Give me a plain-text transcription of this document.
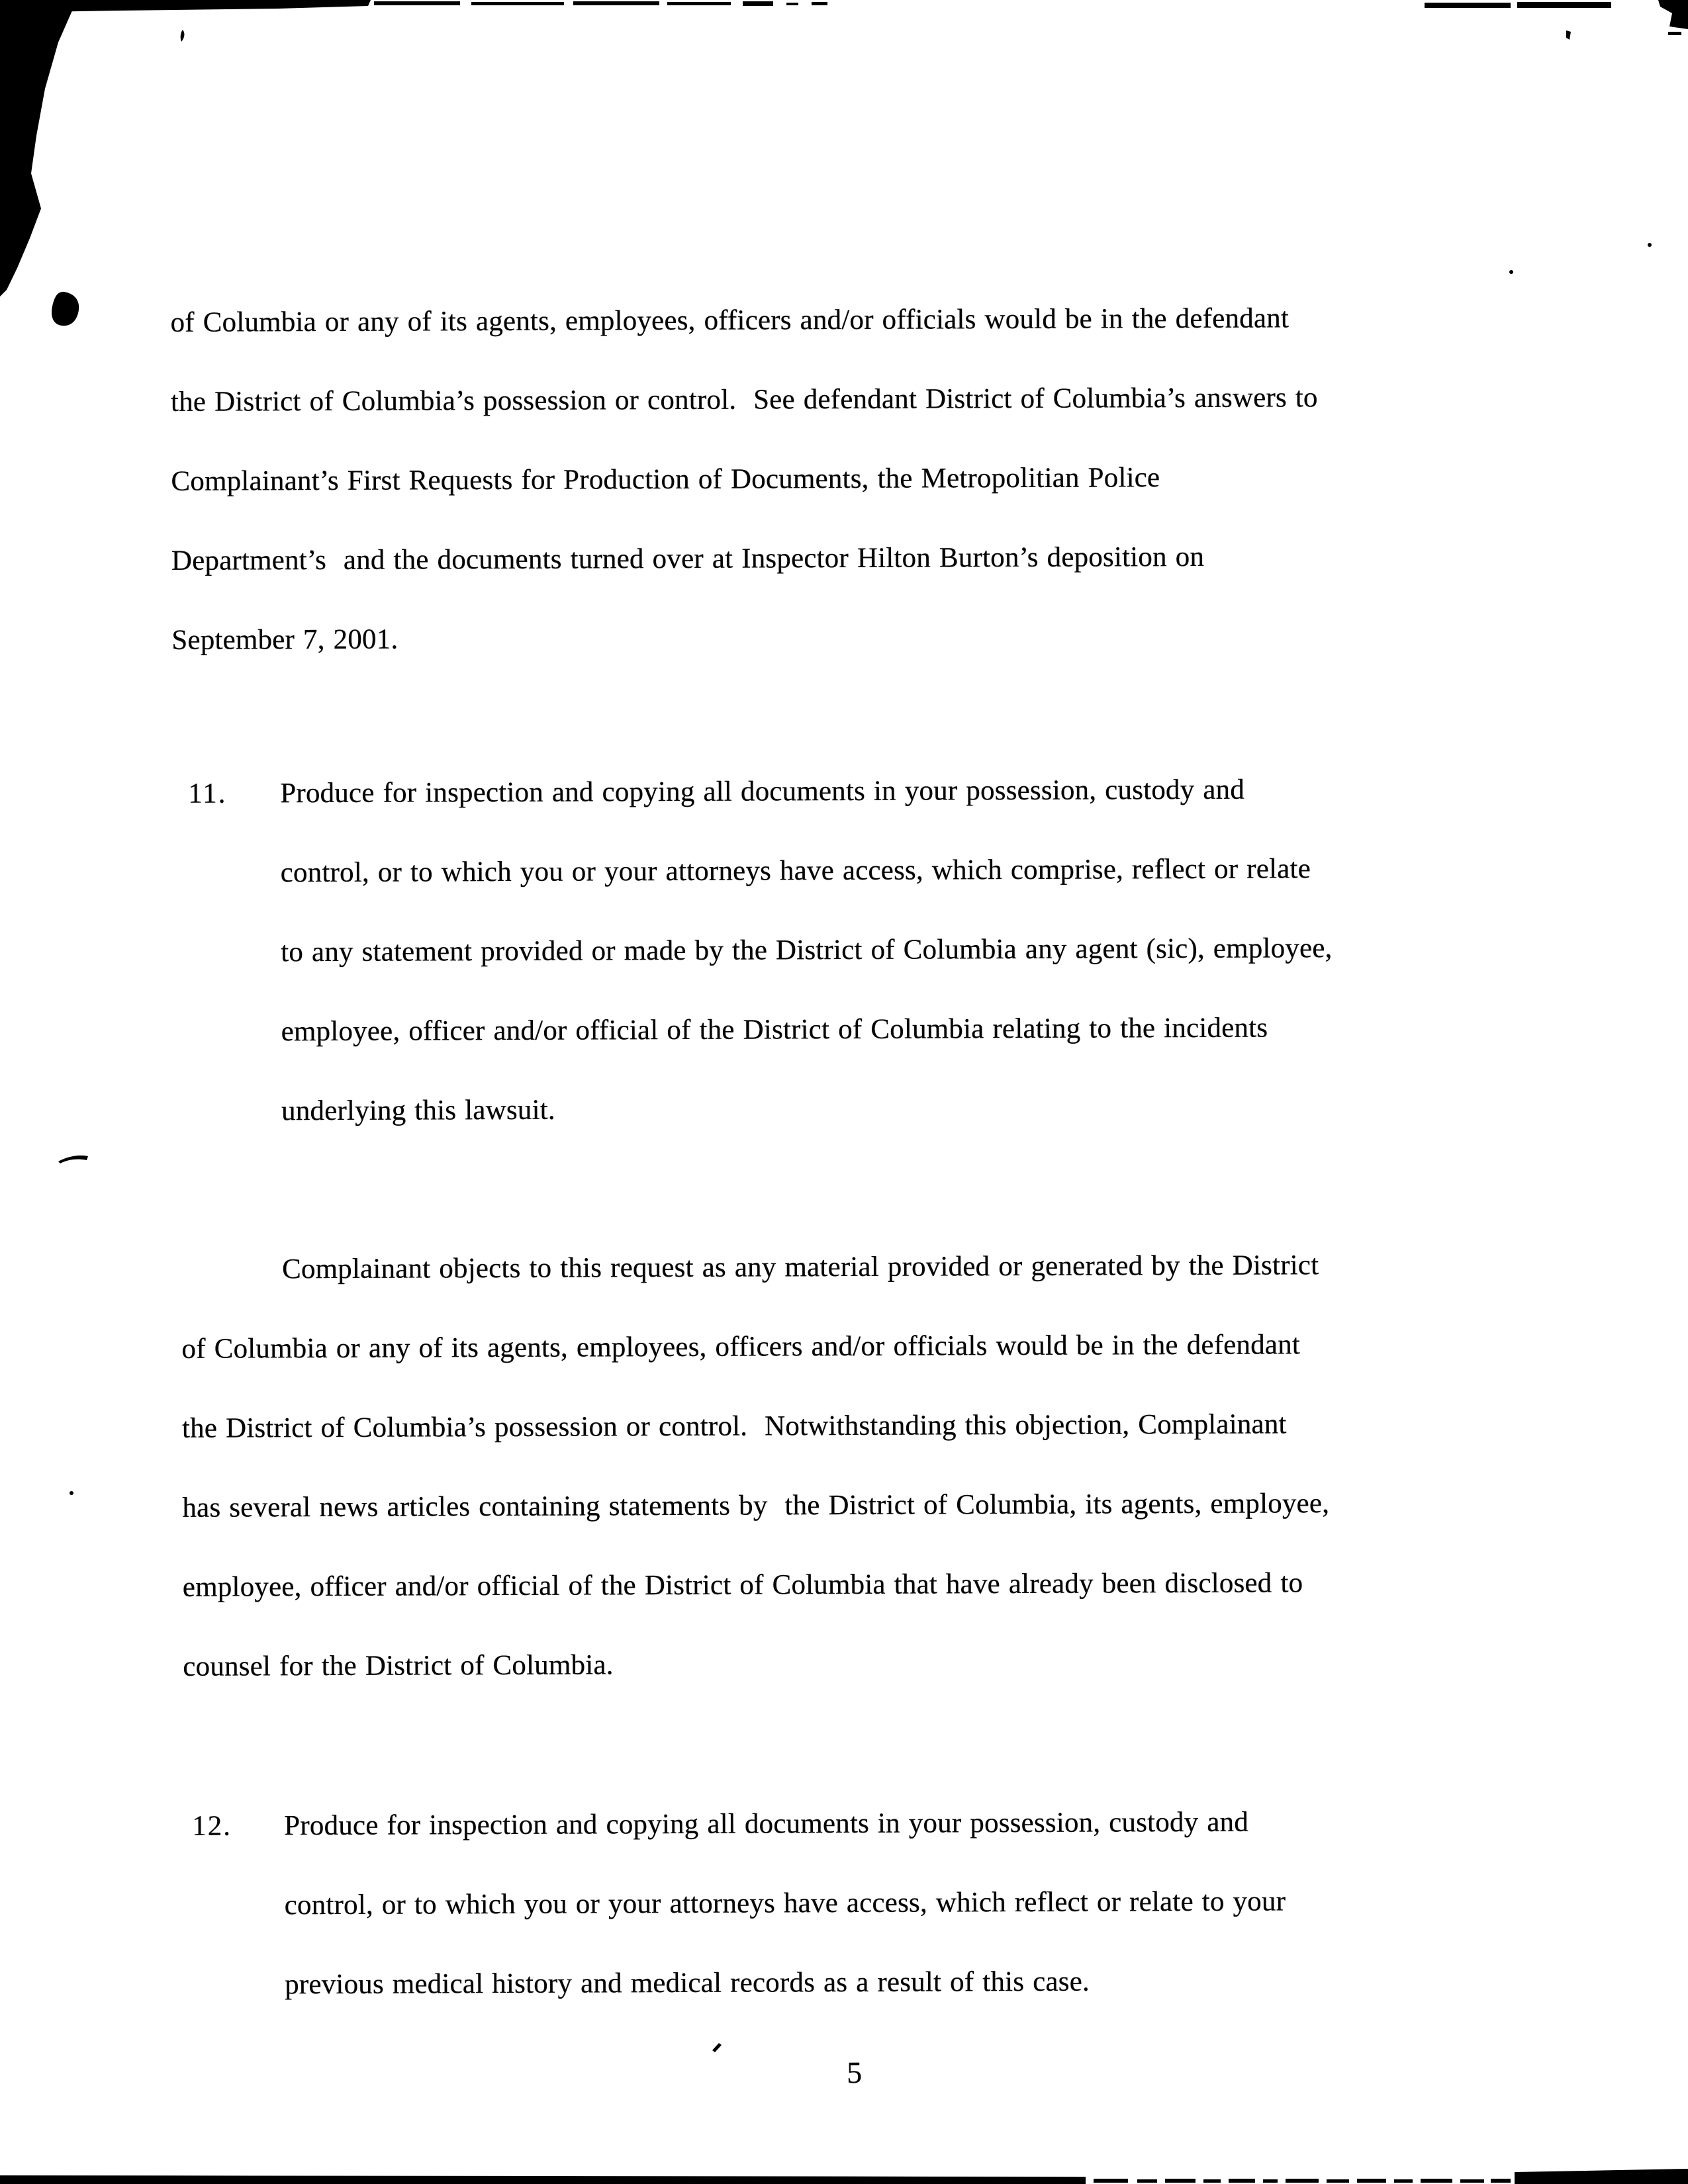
of Columbia or any of its agents, employees, officers and/or officials would be in the defendant
the District of Columbia’s possession or control.  See defendant District of Columbia’s answers to
Complainant’s First Requests for Production of Documents, the Metropolitian Police
Department’s  and the documents turned over at Inspector Hilton Burton’s deposition on
September 7, 2001.
11. Produce for inspection and copying all documents in your possession, custody and
control, or to which you or your attorneys have access, which comprise, reflect or relate
to any statement provided or made by the District of Columbia any agent (sic), employee,
employee, officer and/or official of the District of Columbia relating to the incidents
underlying this lawsuit.
Complainant objects to this request as any material provided or generated by the District
of Columbia or any of its agents, employees, officers and/or officials would be in the defendant
the District of Columbia’s possession or control.  Notwithstanding this objection, Complainant
has several news articles containing statements by  the District of Columbia, its agents, employee,
employee, officer and/or official of the District of Columbia that have already been disclosed to
counsel for the District of Columbia.
12. Produce for inspection and copying all documents in your possession, custody and
control, or to which you or your attorneys have access, which reflect or relate to your
previous medical history and medical records as a result of this case.
5
